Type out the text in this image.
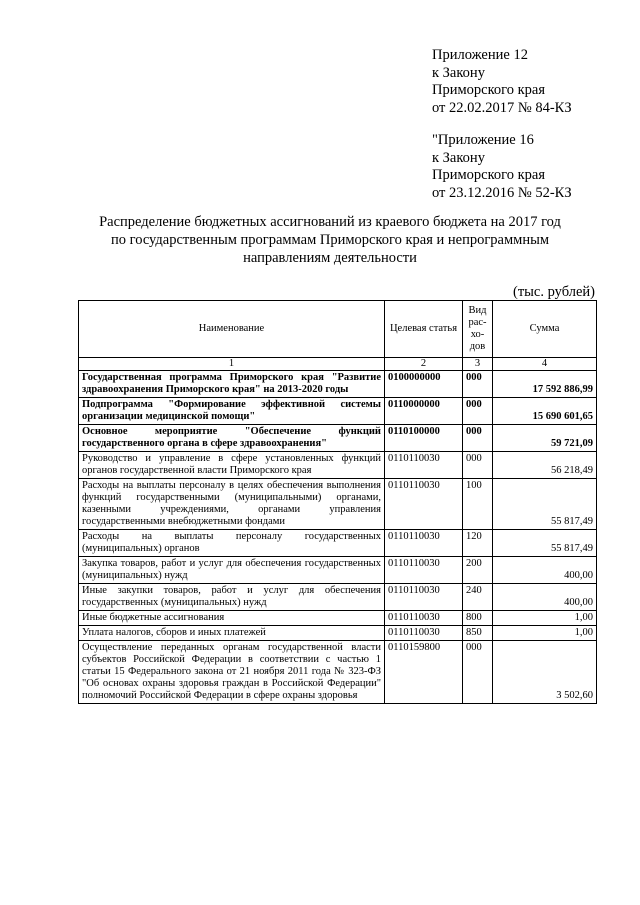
Приложение 12
к Закону
Приморского края
от 22.02.2017 № 84-КЗ
"Приложение 16
к Закону
Приморского края
от 23.12.2016 № 52-КЗ
Распределение бюджетных ассигнований из краевого бюджета на 2017 год
по государственным программам Приморского края и непрограммным
направлениям деятельности
(тыс. рублей)
Наименование	Целевая статья	Вид рас-хо-дов	Сумма
1	2	3	4
Государственная программа Приморского края "Развитие здравоохранения Приморского края" на 2013-2020 годы	0100000000	000	17 592 886,99
Подпрограмма "Формирование эффективной системы организации медицинской помощи"	0110000000	000	15 690 601,65
Основное мероприятие "Обеспечение функций государственного органа в сфере здравоохранения"	0110100000	000	59 721,09
Руководство и управление в сфере установленных функций органов государственной власти Приморского края	0110110030	000	56 218,49
Расходы на выплаты персоналу в целях обеспечения выполнения функций государственными (муниципальными) органами, казенными учреждениями, органами управления государственными внебюджетными фондами	0110110030	100	55 817,49
Расходы на выплаты персоналу государственных (муниципальных) органов	0110110030	120	55 817,49
Закупка товаров, работ и услуг для обеспечения государственных (муниципальных) нужд	0110110030	200	400,00
Иные закупки товаров, работ и услуг для обеспечения государственных (муниципальных) нужд	0110110030	240	400,00
Иные бюджетные ассигнования	0110110030	800	1,00
Уплата налогов, сборов и иных платежей	0110110030	850	1,00
Осуществление переданных органам государственной власти субъектов Российской Федерации в соответствии с частью 1 статьи 15 Федерального закона от 21 ноября 2011 года № 323-ФЗ "Об основах охраны здоровья граждан в Российской Федерации" полномочий Российской Федерации в сфере охраны здоровья	0110159800	000	3 502,60
